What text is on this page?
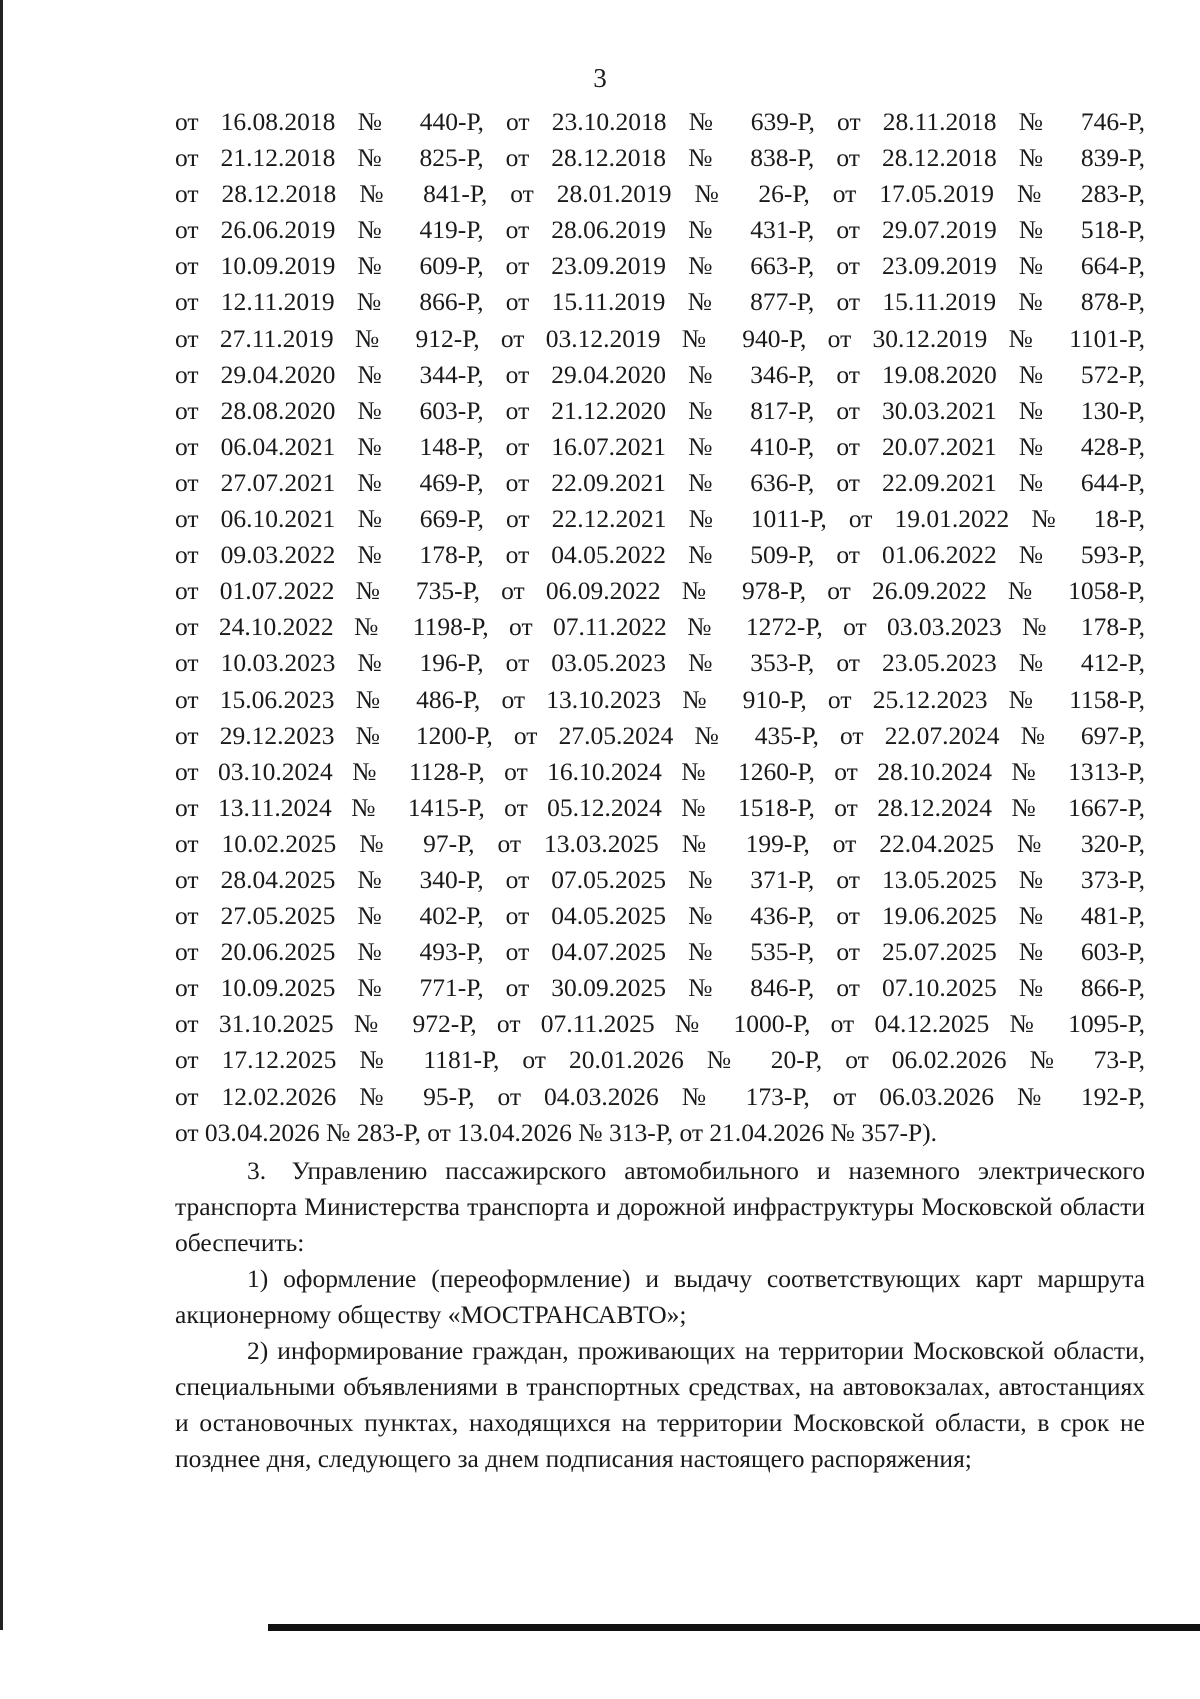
3
от 16.08.2018 № 440-Р, от 23.10.2018 № 639-Р, от 28.11.2018 № 746-Р,
от 21.12.2018 № 825-Р, от 28.12.2018 № 838-Р, от 28.12.2018 № 839-Р,
от 28.12.2018 № 841-Р, от 28.01.2019 № 26-Р, от 17.05.2019 № 283-Р,
от 26.06.2019 № 419-Р, от 28.06.2019 № 431-Р, от 29.07.2019 № 518-Р,
от 10.09.2019 № 609-Р, от 23.09.2019 № 663-Р, от 23.09.2019 № 664-Р,
от 12.11.2019 № 866-Р, от 15.11.2019 № 877-Р, от 15.11.2019 № 878-Р,
от 27.11.2019 № 912-Р, от 03.12.2019 № 940-Р, от 30.12.2019 № 1101-Р,
от 29.04.2020 № 344-Р, от 29.04.2020 № 346-Р, от 19.08.2020 № 572-Р,
от 28.08.2020 № 603-Р, от 21.12.2020 № 817-Р, от 30.03.2021 № 130-Р,
от 06.04.2021 № 148-Р, от 16.07.2021 № 410-Р, от 20.07.2021 № 428-Р,
от 27.07.2021 № 469-Р, от 22.09.2021 № 636-Р, от 22.09.2021 № 644-Р,
от 06.10.2021 № 669-Р, от 22.12.2021 № 1011-Р, от 19.01.2022 № 18-Р,
от 09.03.2022 № 178-Р, от 04.05.2022 № 509-Р, от 01.06.2022 № 593-Р,
от 01.07.2022 № 735-Р, от 06.09.2022 № 978-Р, от 26.09.2022 № 1058-Р,
от 24.10.2022 № 1198-Р, от 07.11.2022 № 1272-Р, от 03.03.2023 № 178-Р,
от 10.03.2023 № 196-Р, от 03.05.2023 № 353-Р, от 23.05.2023 № 412-Р,
от 15.06.2023 № 486-Р, от 13.10.2023 № 910-Р, от 25.12.2023 № 1158-Р,
от 29.12.2023 № 1200-Р, от 27.05.2024 № 435-Р, от 22.07.2024 № 697-Р,
от 03.10.2024 № 1128-Р, от 16.10.2024 № 1260-Р, от 28.10.2024 № 1313-Р,
от 13.11.2024 № 1415-Р, от 05.12.2024 № 1518-Р, от 28.12.2024 № 1667-Р,
от 10.02.2025 № 97-Р, от 13.03.2025 № 199-Р, от 22.04.2025 № 320-Р,
от 28.04.2025 № 340-Р, от 07.05.2025 № 371-Р, от 13.05.2025 № 373-Р,
от 27.05.2025 № 402-Р, от 04.05.2025 № 436-Р, от 19.06.2025 № 481-Р,
от 20.06.2025 № 493-Р, от 04.07.2025 № 535-Р, от 25.07.2025 № 603-Р,
от 10.09.2025 № 771-Р, от 30.09.2025 № 846-Р, от 07.10.2025 № 866-Р,
от 31.10.2025 № 972-Р, от 07.11.2025 № 1000-Р, от 04.12.2025 № 1095-Р,
от 17.12.2025 № 1181-Р, от 20.01.2026 № 20-Р, от 06.02.2026 № 73-Р,
от 12.02.2026 № 95-Р, от 04.03.2026 № 173-Р, от 06.03.2026 № 192-Р,
от 03.04.2026 № 283-Р, от 13.04.2026 № 313-Р, от 21.04.2026 № 357-Р).

3. Управлению пассажирского автомобильного и наземного электрического транспорта Министерства транспорта и дорожной инфраструктуры Московской области обеспечить:

1) оформление (переоформление) и выдачу соответствующих карт маршрута акционерному обществу «МОСТРАНСАВТО»;

2) информирование граждан, проживающих на территории Московской области, специальными объявлениями в транспортных средствах, на автовокзалах, автостанциях и остановочных пунктах, находящихся на территории Московской области, в срок не позднее дня, следующего за днем подписания настоящего распоряжения;
